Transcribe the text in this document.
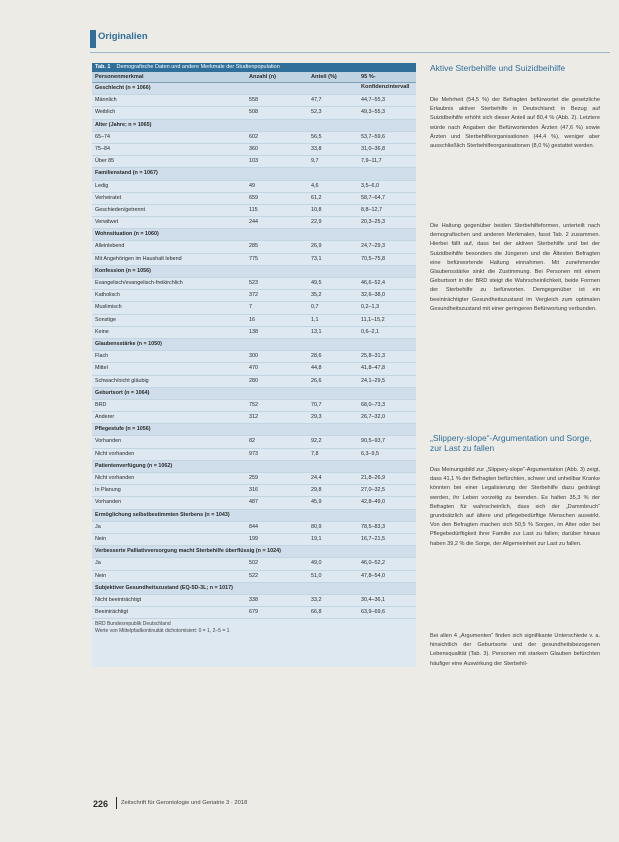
Originalien
Tab. 1 Demografische Daten und andere Merkmale der Studienpopulation
Personenmerkmal	Anzahl (n)	Anteil (%)	95 %-Konfidenzintervall
Geschlecht (n = 1066)
Männlich	558	47,7	44,7–55,3
Weiblich	508	52,3	49,3–55,3
Alter (Jahre; n = 1065)
65–74	602	56,5	53,7–59,6
75–84	360	33,8	31,0–36,8
Über 85	103	9,7	7,9–11,7
Familienstand (n = 1067)
Ledig	49	4,6	3,5–6,0
Verheiratet	659	61,2	58,7–64,7
Geschieden/getrennt	115	10,8	8,8–12,7
Verwitwet	244	22,9	20,3–25,3
Wohnsituation (n = 1060)
Alleinlebend	285	26,9	24,7–29,3
Mit Angehörigen im Haushalt lebend	775	73,1	70,5–75,8
Konfession (n = 1056)
Evangelisch/evangelisch-freikirchlich	523	49,5	46,6–52,4
Katholisch	372	35,2	32,6–38,0
Muslimisch	7	0,7	0,2–1,3
Sonstige	16	1,1	11,1–15,2
Keine	138	13,1	0,6–2,1
Glaubensstärke (n = 1050)
Flach	300	28,6	25,8–31,3
Mittel	470	44,8	41,8–47,8
Schwach/nicht gläubig	280	26,6	24,1–29,5
Geburtsort (n = 1064)
BRD	752	70,7	68,0–73,3
Anderer	312	29,3	26,7–32,0
Pflegestufe (n = 1056)
Vorhanden	82	92,2	90,5–93,7
Nicht vorhanden	973	7,8	6,3–9,5
Patientenverfügung (n = 1062)
Nicht vorhanden	259	24,4	21,8–26,9
In Planung	316	29,8	27,0–32,5
Vorhanden	487	45,9	42,8–49,0
Ermöglichung selbstbestimmten Sterbens (n = 1043)
Ja	844	80,9	78,5–83,3
Nein	199	19,1	16,7–21,5
Verbesserte Palliativversorgung macht Sterbehilfe überflüssig (n = 1024)
Ja	502	49,0	46,0–52,2
Nein	522	51,0	47,8–54,0
Subjektiver Gesundheitszustand (EQ-5D-3L; n = 1017)
Nicht beeinträchtigt	338	33,2	30,4–36,1
Beeinträchtigt	679	66,8	63,9–69,6
BRD Bundesrepublik Deutschland
Werte von Mittelpfadkontinuität dichotomisiert: 0 = 1, 2–5 = 1
Aktive Sterbehilfe und Suizidbeihilfe
Die Mehrheit (54,5 %) der Befragten befürwortet die gesetzliche Erlaubnis aktiver Sterbehilfe in Deutschland; in Bezug auf Suizidbeihilfe erhöht sich dieser Anteil auf 80,4 % (Abb. 2). Letztere würde nach Angaben der Befürwortenden Ärzten (47,6 %) sowie Ärzten und Sterbehilfeorganisationen (44,4 %), weniger aber ausschließlich Sterbehilfeorganisationen (8,0 %) gestattet werden.
Die Haltung gegenüber beiden Sterbehilfeformen, unterteilt nach demografischen und anderen Merkmalen, fasst Tab. 2 zusammen. Hierbei fällt auf, dass bei der aktiven Sterbehilfe und bei der Suizidbeihilfe besonders die Jüngeren und die Ältesten Befragten eine befürwortende Haltung einnahmen. Mit zunehmender Glaubensstärke sinkt die Zustimmung. Bei Personen mit einem Geburtsort in der BRD steigt die Wahrscheinlichkeit, beide Formen der Sterbehilfe zu befürworten. Demgegenüber ist ein beeinträchtigter Gesundheitszustand im Vergleich zum optimalen Gesundheitszustand mit einer geringeren Befürwortung verbunden.
„Slippery-slope“-Argumentation und Sorge, zur Last zu fallen
Das Meinungsbild zur „Slippery-slope“-Argumentation (Abb. 3) zeigt, dass 41,1 % der Befragten befürchten, schwer und unheilbar Kranke könnten bei einer Legalisierung der Sterbehilfe dazu gedrängt werden, ihr Leben vorzeitig zu beenden. Es halten 35,3 % der Befragten für wahrscheinlich, dass sich der „Dammbruch“ grundsätzlich auf ältere und pflegebedürftige Menschen auswirkt. Von den Befragten machen sich 50,5 % Sorgen, im Alter oder bei Pflegebedürftigkeit ihrer Familie zur Last zu fallen; darüber hinaus haben 39,2 % die Sorge, der Allgemeinheit zur Last zu fallen.
Bei allen 4 „Argumenten“ finden sich signifikante Unterschiede v. a. hinsichtlich der Geburtsorte und der gesundheitsbezogenen Lebensqualität (Tab. 3). Personen mit starkem Glauben befürchten häufiger eine Auswirkung der Sterbehil-
226 Zeitschrift für Gerontologie und Geriatrie 3 · 2018
